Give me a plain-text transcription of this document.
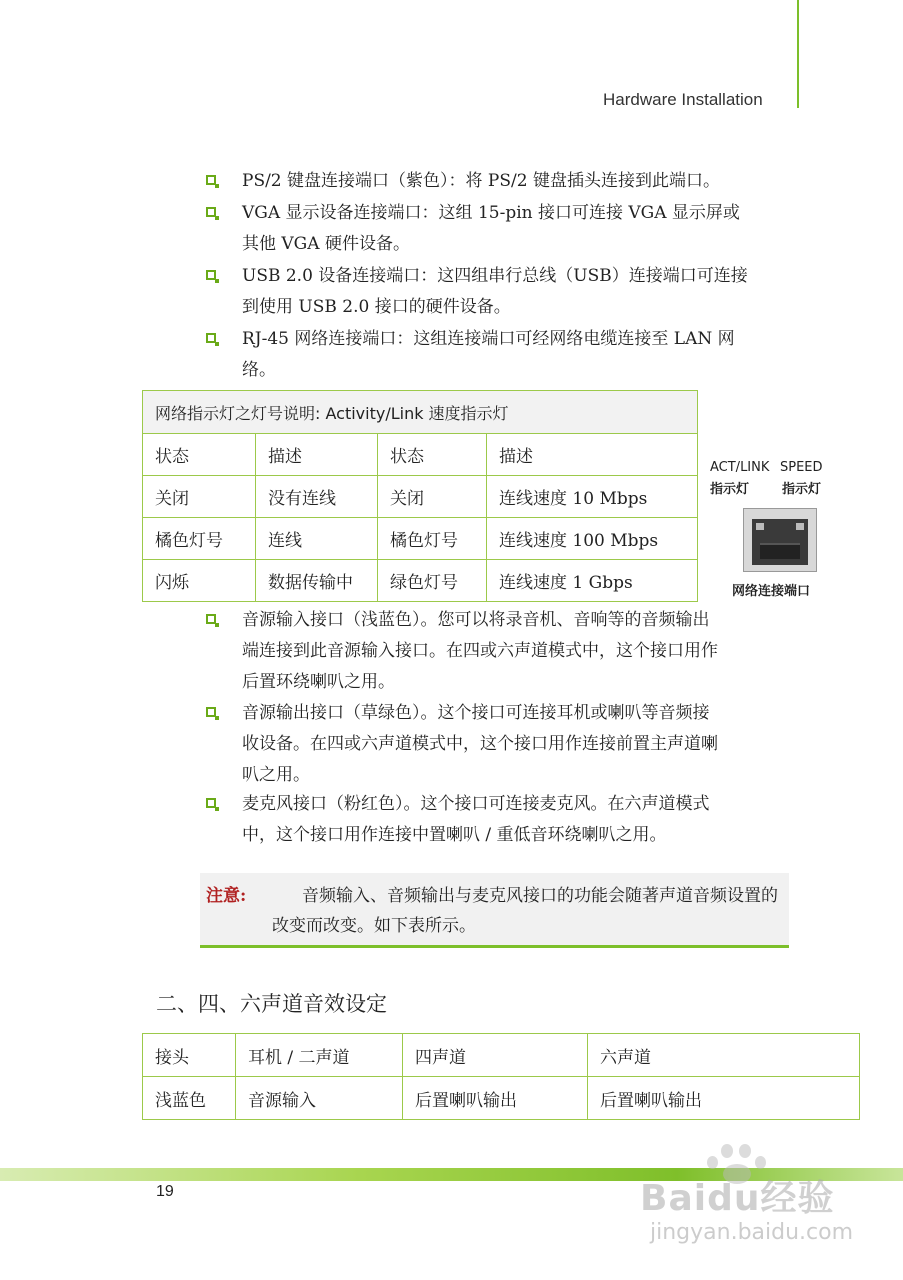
Hardware Installation
PS/2 键盘连接端口（紫色）：将 PS/2 键盘插头连接到此端口。
VGA 显示设备连接端口：这组 15-pin 接口可连接 VGA 显示屏或
其他 VGA 硬件设备。
USB 2.0 设备连接端口：这四组串行总线（USB）连接端口可连接
到使用 USB 2.0 接口的硬件设备。
RJ-45 网络连接端口：这组连接端口可经网络电缆连接至 LAN 网
络。
网络指示灯之灯号说明: Activity/Link 速度指示灯			
状态	描述	状态	描述
关闭	没有连线	关闭	连线速度 10 Mbps
橘色灯号	连线	橘色灯号	连线速度 100 Mbps
闪烁	数据传输中	绿色灯号	连线速度 1 Gbps
ACT/LINK SPEED
指示灯	指示灯
网络连接端口
音源输入接口（浅蓝色）。您可以将录音机、音响等的音频输出
端连接到此音源输入接口。在四或六声道模式中，这个接口用作
后置环绕喇叭之用。
音源输出接口（草绿色）。这个接口可连接耳机或喇叭等音频接
收设备。在四或六声道模式中，这个接口用作连接前置主声道喇
叭之用。
麦克风接口（粉红色）。这个接口可连接麦克风。在六声道模式
中，这个接口用作连接中置喇叭 / 重低音环绕喇叭之用。
注意:	音频输入、音频输出与麦克风接口的功能会随著声道音频设置的改变而改变。如下表所示。
二、四、六声道音效设定
接头	耳机 / 二声道	四声道	六声道
浅蓝色	音源输入	后置喇叭输出	后置喇叭输出
19	Baidu经验
jingyan.baidu.com
